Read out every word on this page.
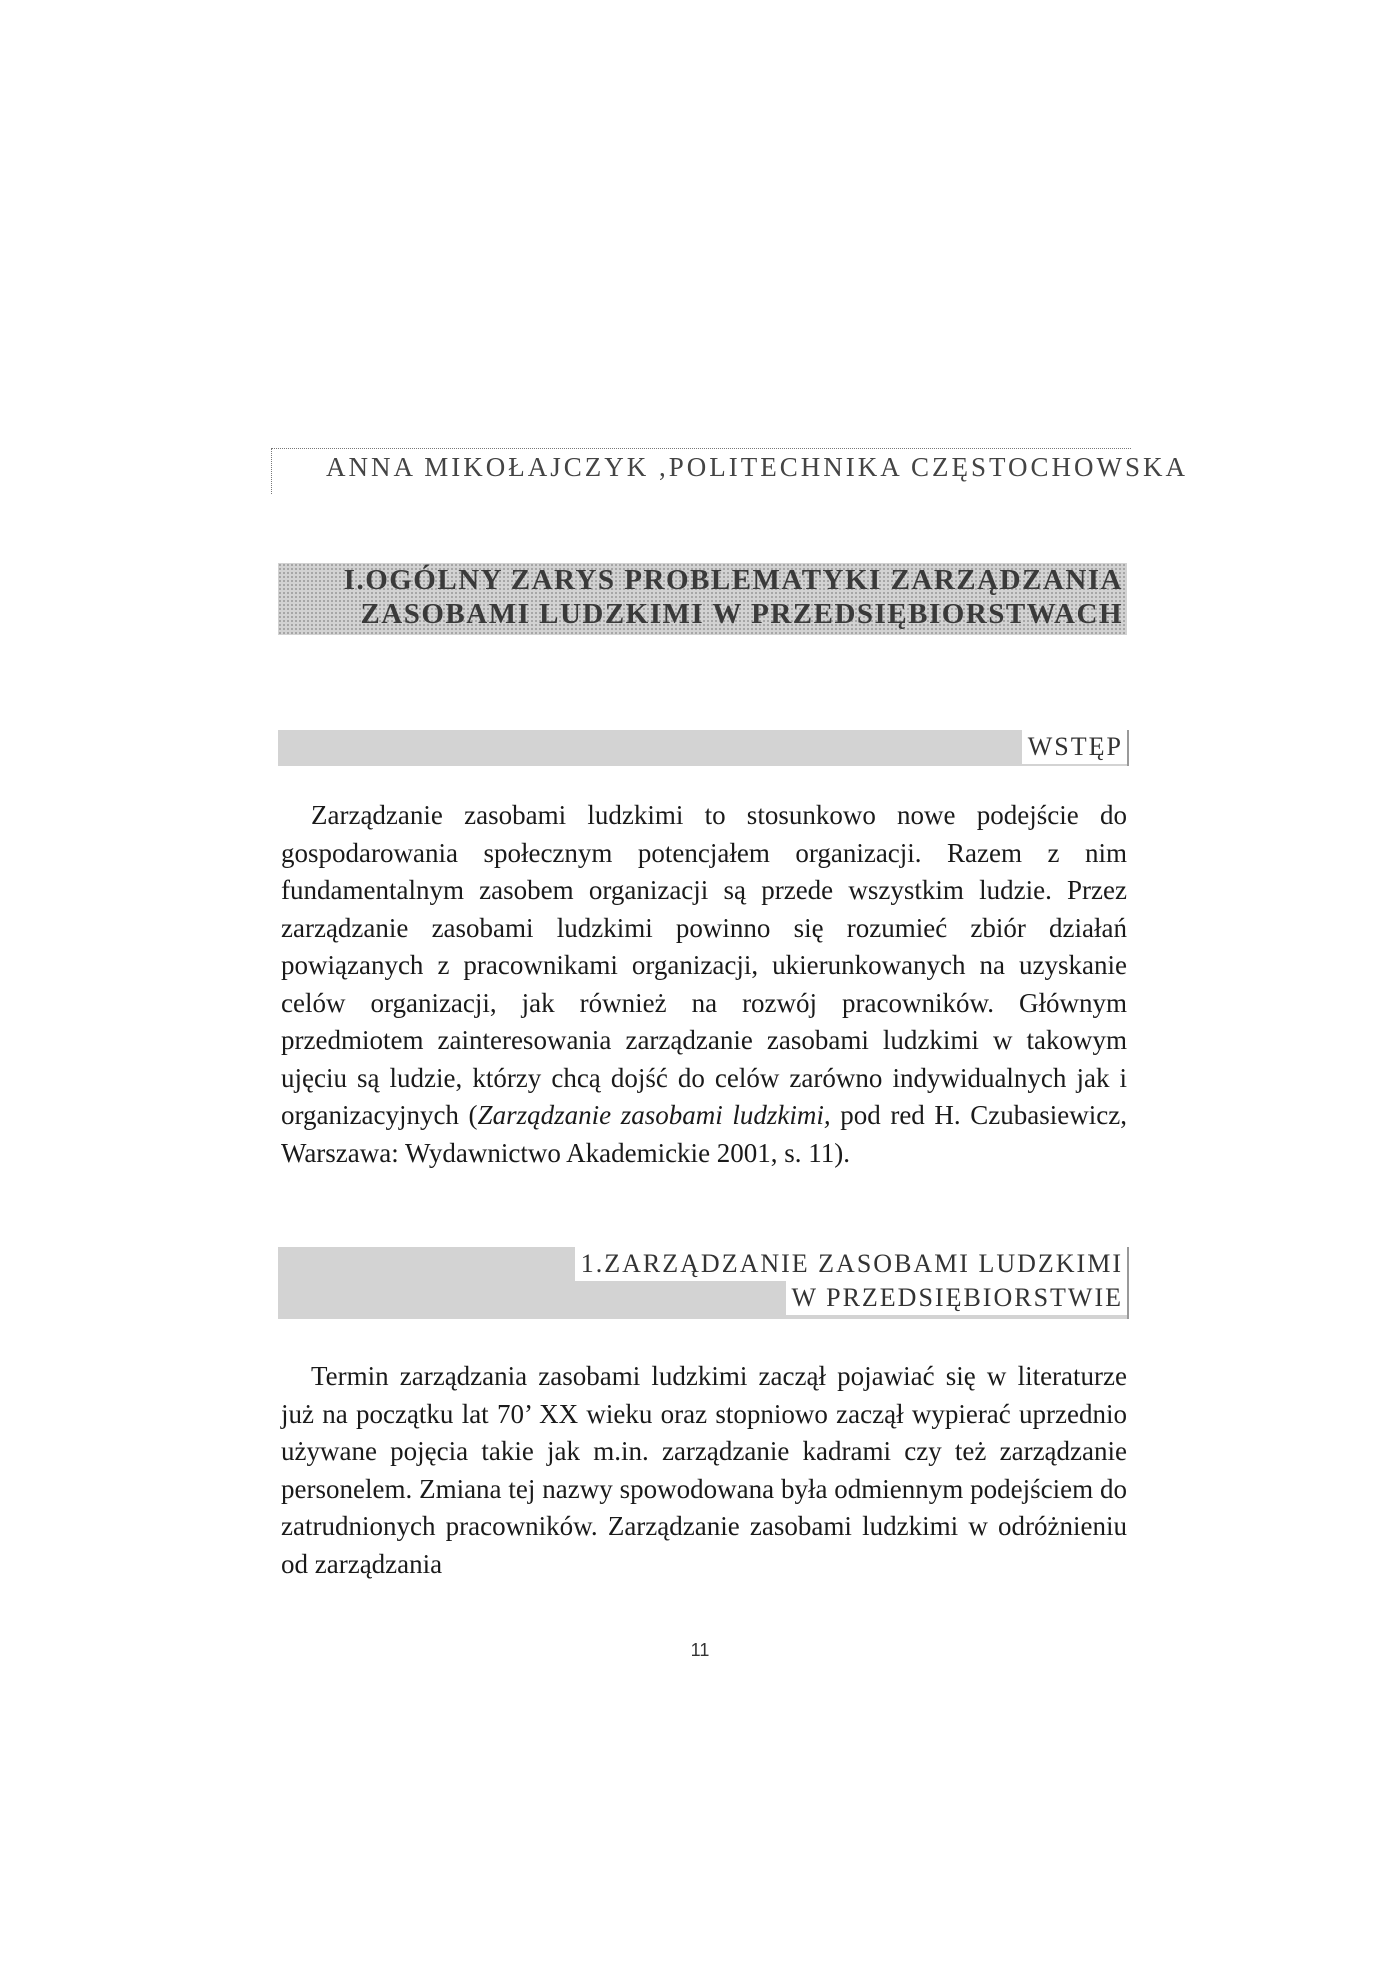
ANNA MIKOŁAJCZYK ,POLITECHNIKA CZĘSTOCHOWSKA
I.OGÓLNY ZARYS PROBLEMATYKI ZARZĄDZANIA
ZASOBAMI LUDZKIMI W PRZEDSIĘBIORSTWACH
WSTĘP

Zarządzanie zasobami ludzkimi to stosunkowo nowe podejście do gospodarowania społecznym potencjałem organizacji. Razem z nim fundamentalnym zasobem organizacji są przede wszystkim ludzie. Przez zarządzanie zasobami ludzkimi powinno się rozumieć zbiór działań powiązanych z pracownikami organizacji, ukierunkowanych na uzyskanie celów organizacji, jak również na rozwój pracowników. Głównym przedmiotem zainteresowania zarządzanie zasobami ludzkimi w takowym ujęciu są ludzie, którzy chcą dojść do celów zarówno indywidualnych jak i organizacyjnych (Zarządzanie zasobami ludzkimi, pod red H. Czubasiewicz, Warszawa: Wydawnictwo Akademickie 2001, s. 11).

1.ZARZĄDZANIE ZASOBAMI LUDZKIMI
W PRZEDSIĘBIORSTWIE

Termin zarządzania zasobami ludzkimi zaczął pojawiać się w literaturze już na początku lat 70’ XX wieku oraz stopniowo zaczął wypierać uprzednio używane pojęcia takie jak m.in. zarządzanie kadrami czy też zarządzanie personelem. Zmiana tej nazwy spowodowana była odmiennym podejściem do zatrudnionych pracowników. Zarządzanie zasobami ludzkimi w odróżnieniu od zarządzania

11
